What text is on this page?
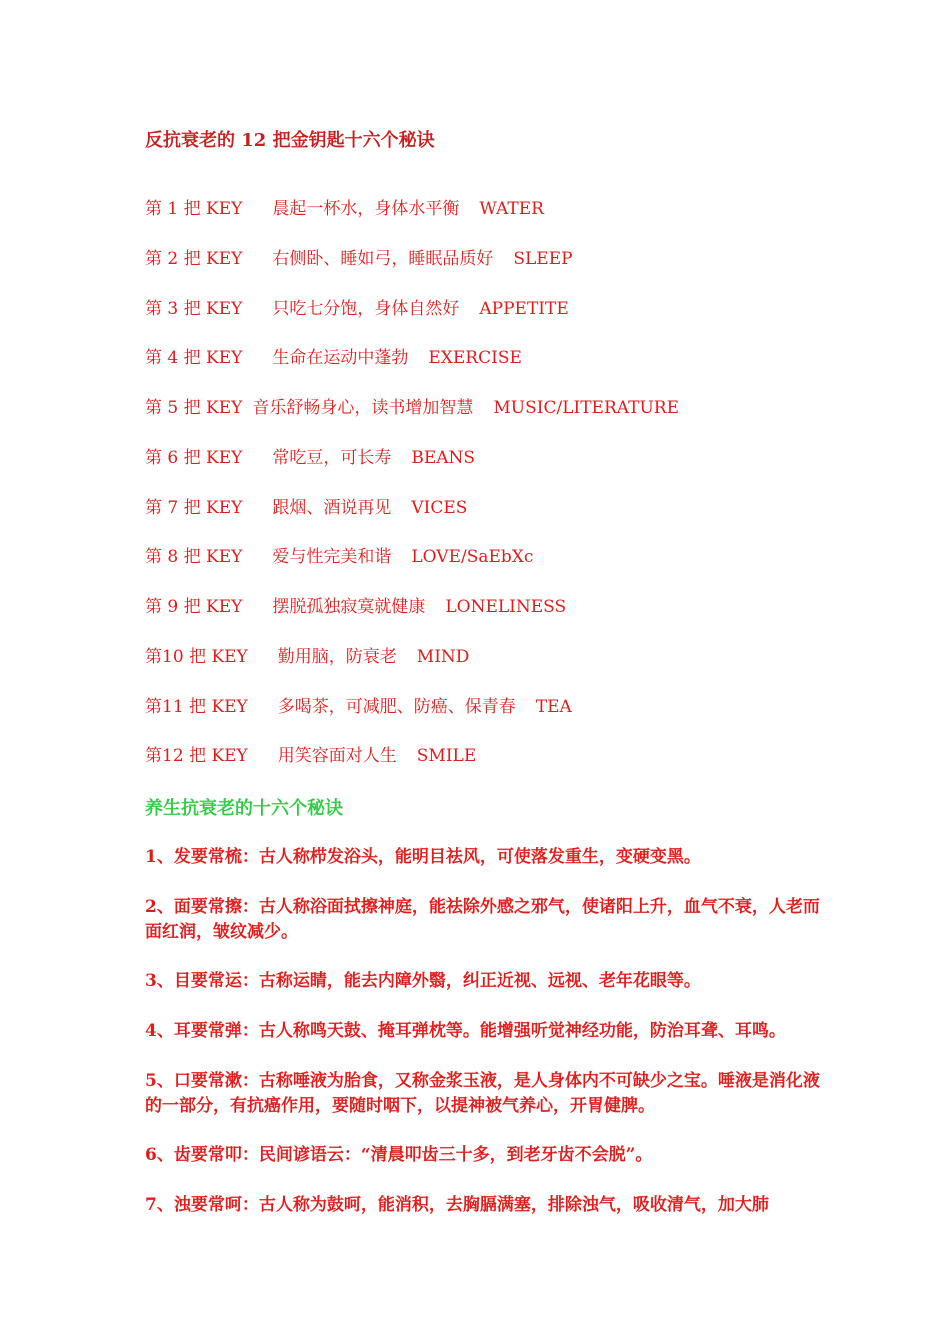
反抗衰老的 12 把金钥匙十六个秘诀
第 1 把 KEY 晨起一杯水，身体水平衡 WATER
第 2 把 KEY 右侧卧、睡如弓，睡眠品质好 SLEEP
第 3 把 KEY 只吃七分饱，身体自然好 APPETITE
第 4 把 KEY 生命在运动中蓬勃 EXERCISE
第 5 把 KEY 音乐舒畅身心，读书增加智慧 MUSIC/LITERATURE
第 6 把 KEY 常吃豆，可长寿 BEANS
第 7 把 KEY 跟烟、酒说再见 VICES
第 8 把 KEY 爱与性完美和谐 LOVE/SaEbXc
第 9 把 KEY 摆脱孤独寂寞就健康 LONELINESS
第10 把 KEY 勤用脑，防衰老 MIND
第11 把 KEY 多喝茶，可减肥、防癌、保青春 TEA
第12 把 KEY 用笑容面对人生 SMILE
养生抗衰老的十六个秘诀
1、发要常梳：古人称栉发浴头，能明目祛风，可使落发重生，变硬变黑。
2、面要常擦：古人称浴面拭擦神庭，能祛除外感之邪气，使诸阳上升，血气不衰，人老而面红润，皱纹减少。
3、目要常运：古称运睛，能去内障外翳，纠正近视、远视、老年花眼等。
4、耳要常弹：古人称鸣天鼓、掩耳弹枕等。能增强听觉神经功能，防治耳聋、耳鸣。
5、口要常漱：古称唾液为胎食，又称金浆玉液，是人身体内不可缺少之宝。唾液是消化液的一部分，有抗癌作用，要随时咽下，以提神被气养心，开胃健脾。
6、齿要常叩：民间谚语云：“清晨叩齿三十多，到老牙齿不会脱”。
7、浊要常呵：古人称为鼓呵，能消积，去胸膈满塞，排除浊气，吸收清气，加大肺
